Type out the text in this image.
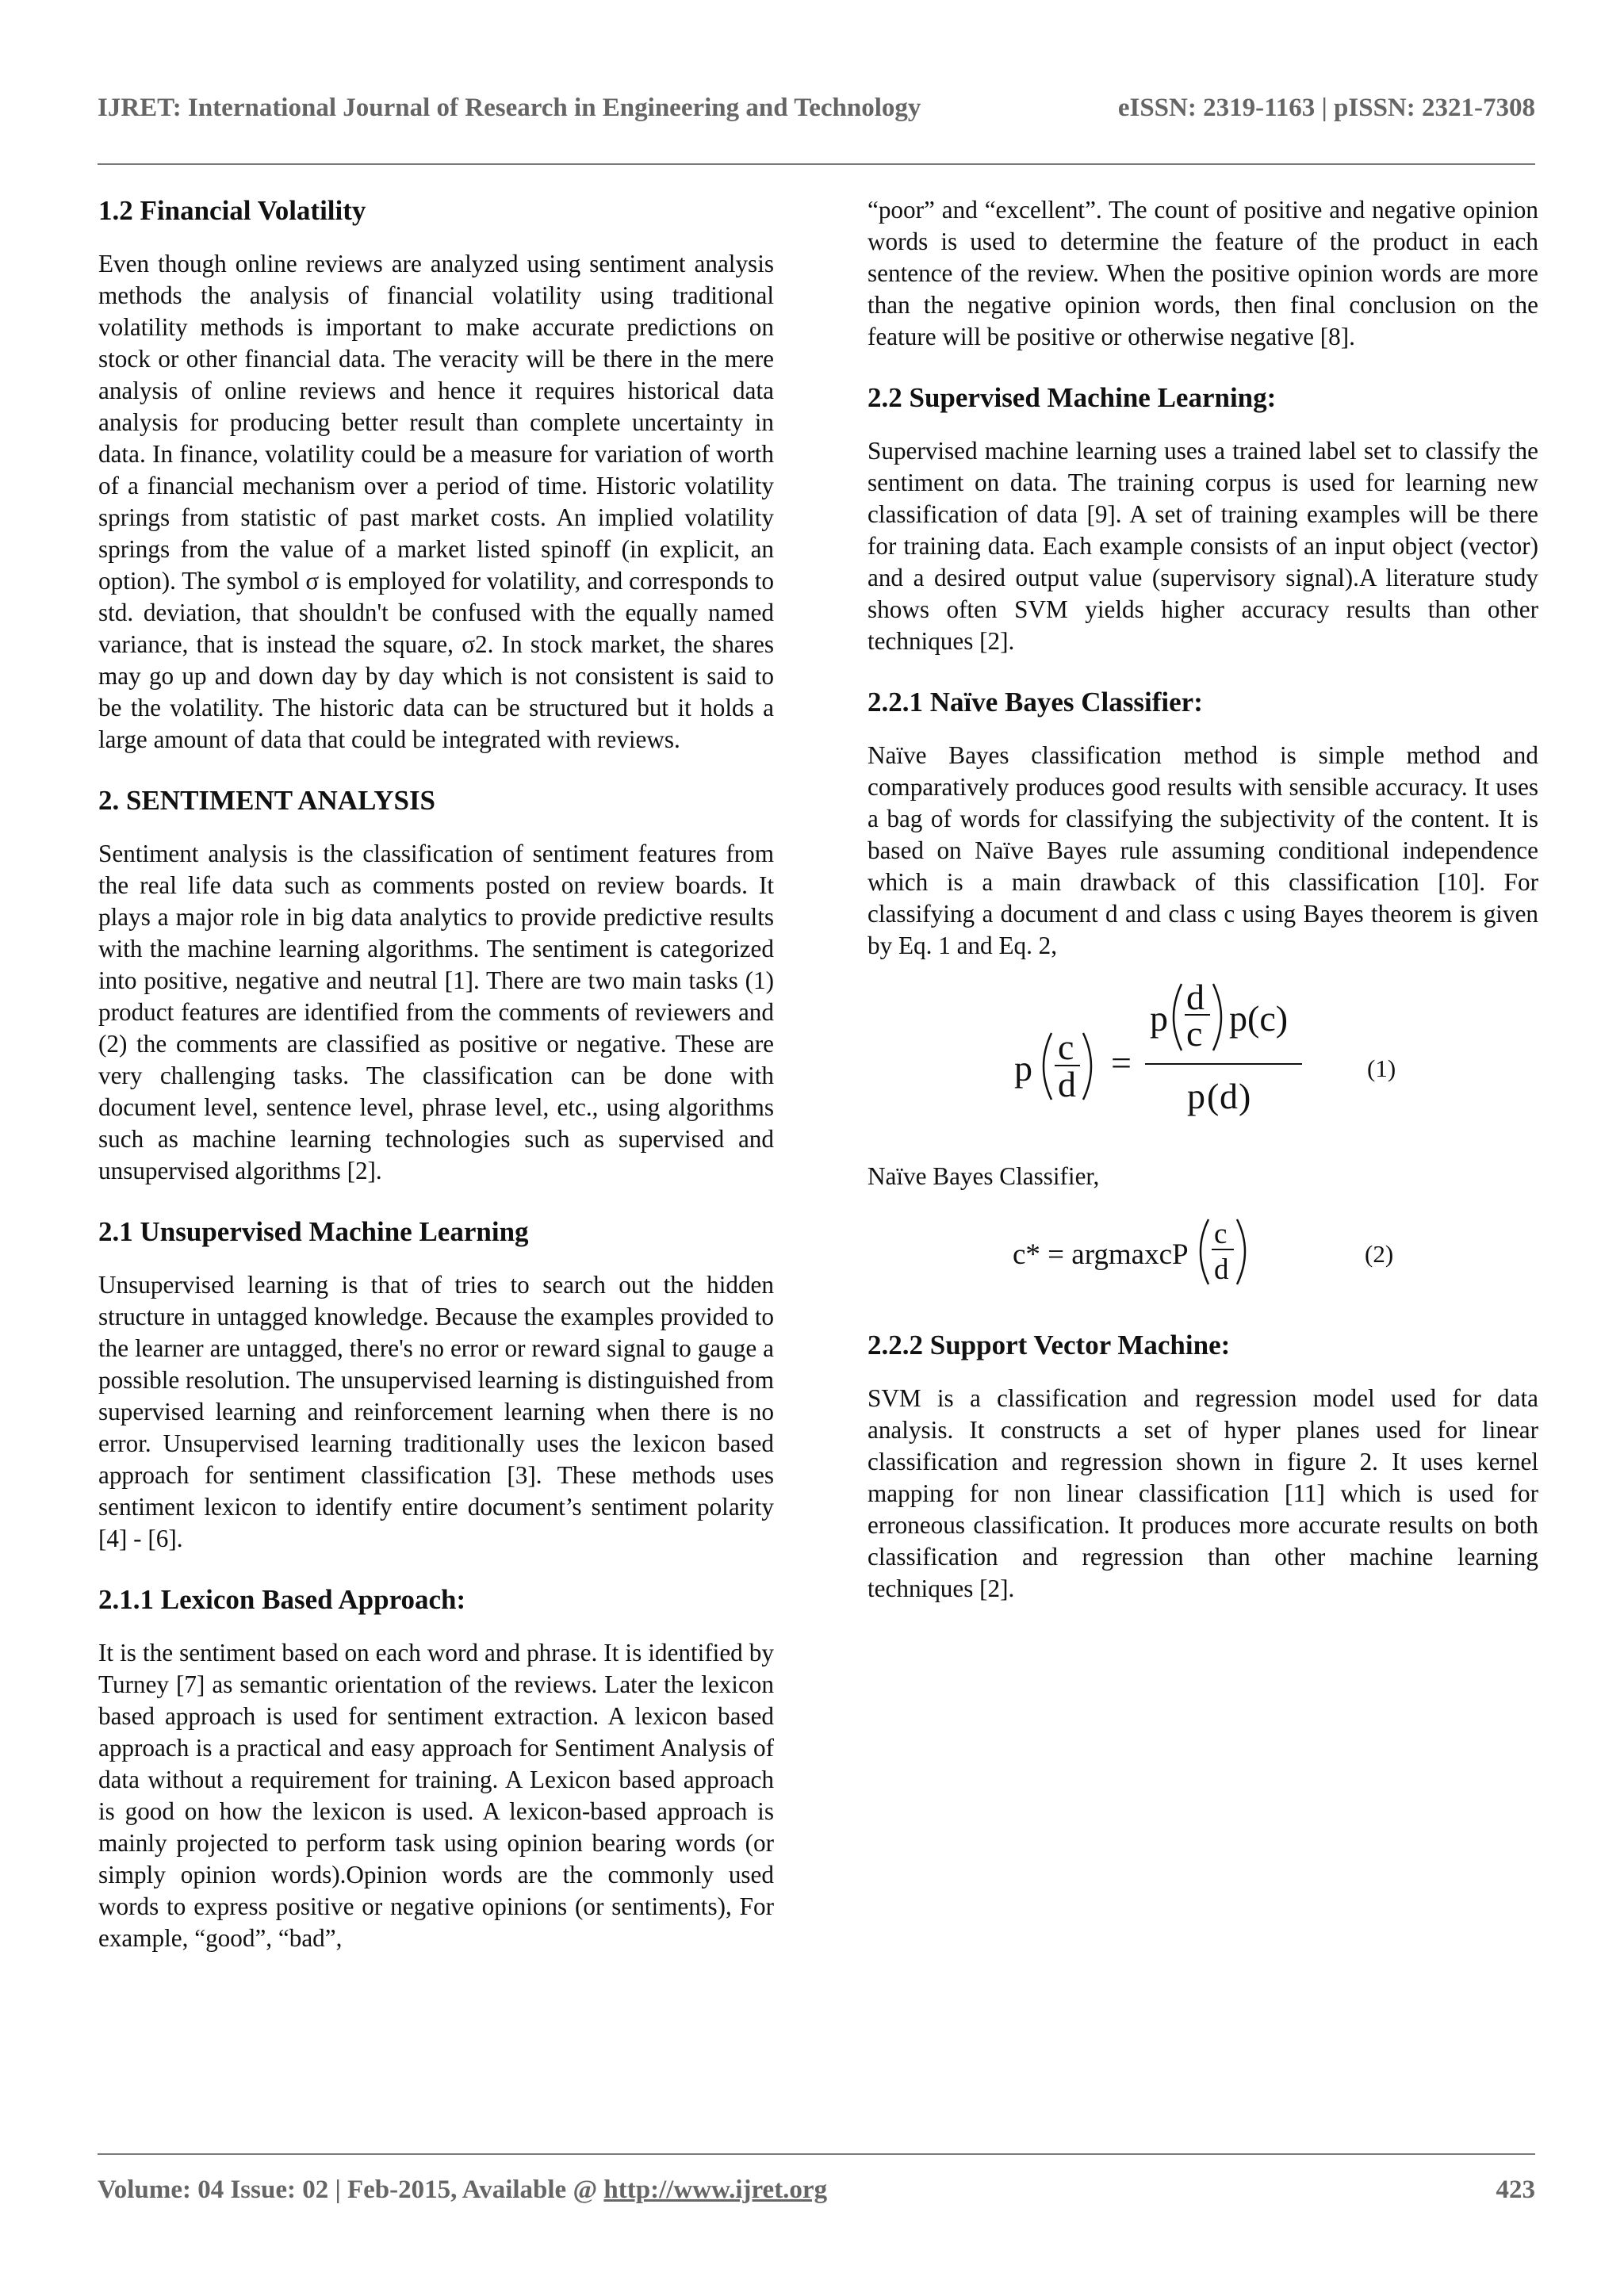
IJRET: International Journal of Research in Engineering and Technology	eISSN: 2319-1163 | pISSN: 2321-7308
1.2 Financial Volatility

Even though online reviews are analyzed using sentiment analysis methods the analysis of financial volatility using traditional volatility methods is important to make accurate predictions on stock or other financial data. The veracity will be there in the mere analysis of online reviews and hence it requires historical data analysis for producing better result than complete uncertainty in data. In finance, volatility could be a measure for variation of worth of a financial mechanism over a period of time. Historic volatility springs from statistic of past market costs. An implied volatility springs from the value of a market listed spinoff (in explicit, an option). The symbol σ is employed for volatility, and corresponds to std. deviation, that shouldn't be confused with the equally named variance, that is instead the square, σ2. In stock market, the shares may go up and down day by day which is not consistent is said to be the volatility. The historic data can be structured but it holds a large amount of data that could be integrated with reviews.

2. SENTIMENT ANALYSIS

Sentiment analysis is the classification of sentiment features from the real life data such as comments posted on review boards. It plays a major role in big data analytics to provide predictive results with the machine learning algorithms. The sentiment is categorized into positive, negative and neutral [1]. There are two main tasks (1) product features are identified from the comments of reviewers and (2) the comments are classified as positive or negative. These are very challenging tasks. The classification can be done with document level, sentence level, phrase level, etc., using algorithms such as machine learning technologies such as supervised and unsupervised algorithms [2].

2.1 Unsupervised Machine Learning

Unsupervised learning is that of tries to search out the hidden structure in untagged knowledge. Because the examples provided to the learner are untagged, there's no error or reward signal to gauge a possible resolution. The unsupervised learning is distinguished from supervised learning and reinforcement learning when there is no error. Unsupervised learning traditionally uses the lexicon based approach for sentiment classification [3]. These methods uses sentiment lexicon to identify entire document’s sentiment polarity [4] - [6].

2.1.1 Lexicon Based Approach:

It is the sentiment based on each word and phrase. It is identified by Turney [7] as semantic orientation of the reviews. Later the lexicon based approach is used for sentiment extraction. A lexicon based approach is a practical and easy approach for Sentiment Analysis of data without a requirement for training. A Lexicon based approach is good on how the lexicon is used. A lexicon-based approach is mainly projected to perform task using opinion bearing words (or simply opinion words).Opinion words are the commonly used words to express positive or negative opinions (or sentiments), For example, “good”, “bad”,

“poor” and “excellent”. The count of positive and negative opinion words is used to determine the feature of the product in each sentence of the review. When the positive opinion words are more than the negative opinion words, then final conclusion on the feature will be positive or otherwise negative [8].

2.2 Supervised Machine Learning:

Supervised machine learning uses a trained label set to classify the sentiment on data. The training corpus is used for learning new classification of data [9]. A set of training examples will be there for training data. Each example consists of an input object (vector) and a desired output value (supervisory signal).A literature study shows often SVM yields higher accuracy results than other techniques [2].

2.2.1 Naïve Bayes Classifier:

Naïve Bayes classification method is simple method and comparatively produces good results with sensible accuracy. It uses a bag of words for classifying the subjectivity of the content. It is based on Naïve Bayes rule assuming conditional independence which is a main drawback of this classification [10]. For classifying a document d and class c using Bayes theorem is given by Eq. 1 and Eq. 2,

p
c
d
=
p
d
c p(c)
p ( d )
(1)
Naïve Bayes Classifier,
c* = argmaxcP
c
d	(2)
2.2.2 Support Vector Machine:

SVM is a classification and regression model used for data analysis. It constructs a set of hyper planes used for linear classification and regression shown in figure 2. It uses kernel mapping for non linear classification [11] which is used for erroneous classification. It produces more accurate results on both classification and regression than other machine learning techniques [2].

Volume: 04 Issue: 02 | Feb-2015, Available @ http://www.ijret.org	423
